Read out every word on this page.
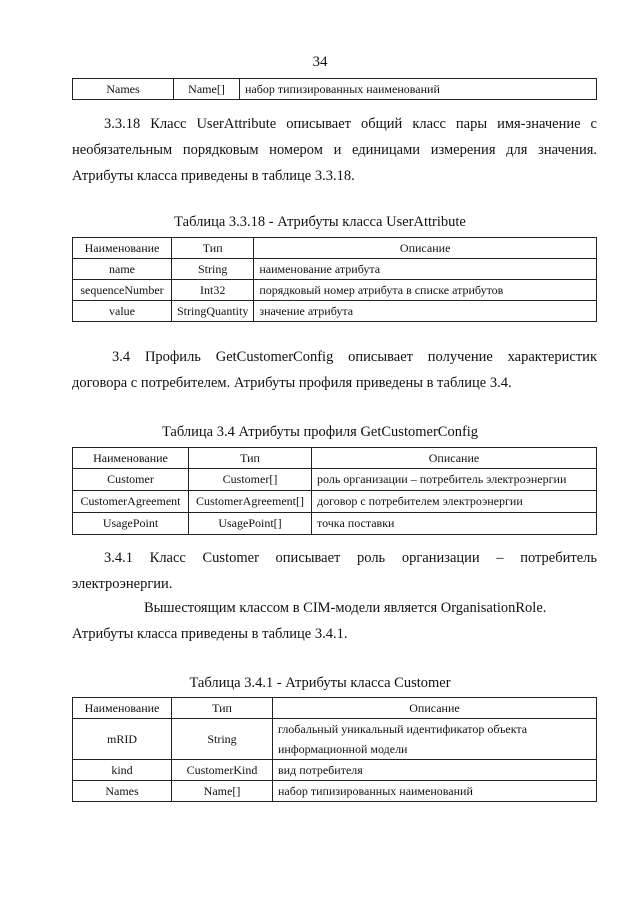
34
Names	Name[]	набор типизированных наименований
3.3.18 Класс UserAttribute описывает общий класс пары имя-значение с необязательным порядковым номером и единицами измерения для значения. Атрибуты класса приведены в таблице 3.3.18.
Таблица 3.3.18 - Атрибуты класса UserAttribute
Наименование	Тип	Описание
name	String	наименование атрибута
sequenceNumber	Int32	порядковый номер атрибута в списке атрибутов
value	StringQuantity	значение атрибута
3.4 Профиль GetCustomerConfig описывает получение характеристик договора с потребителем. Атрибуты профиля приведены в таблице 3.4.
Таблица 3.4 Атрибуты профиля GetCustomerConfig
Наименование	Тип	Описание
Customer	Customer[]	роль организации – потребитель электроэнергии
CustomerAgreement	CustomerAgreement[]	договор с потребителем электроэнергии
UsagePoint	UsagePoint[]	точка поставки
3.4.1 Класс Customer описывает роль организации – потребитель электроэнергии.
Вышестоящим классом в CIM-модели является OrganisationRole.
Атрибуты класса приведены в таблице 3.4.1.
Таблица 3.4.1 - Атрибуты класса Customer
Наименование	Тип	Описание
mRID	String	глобальный уникальный идентификатор объекта информационной модели
kind	CustomerKind	вид потребителя
Names	Name[]	набор типизированных наименований
